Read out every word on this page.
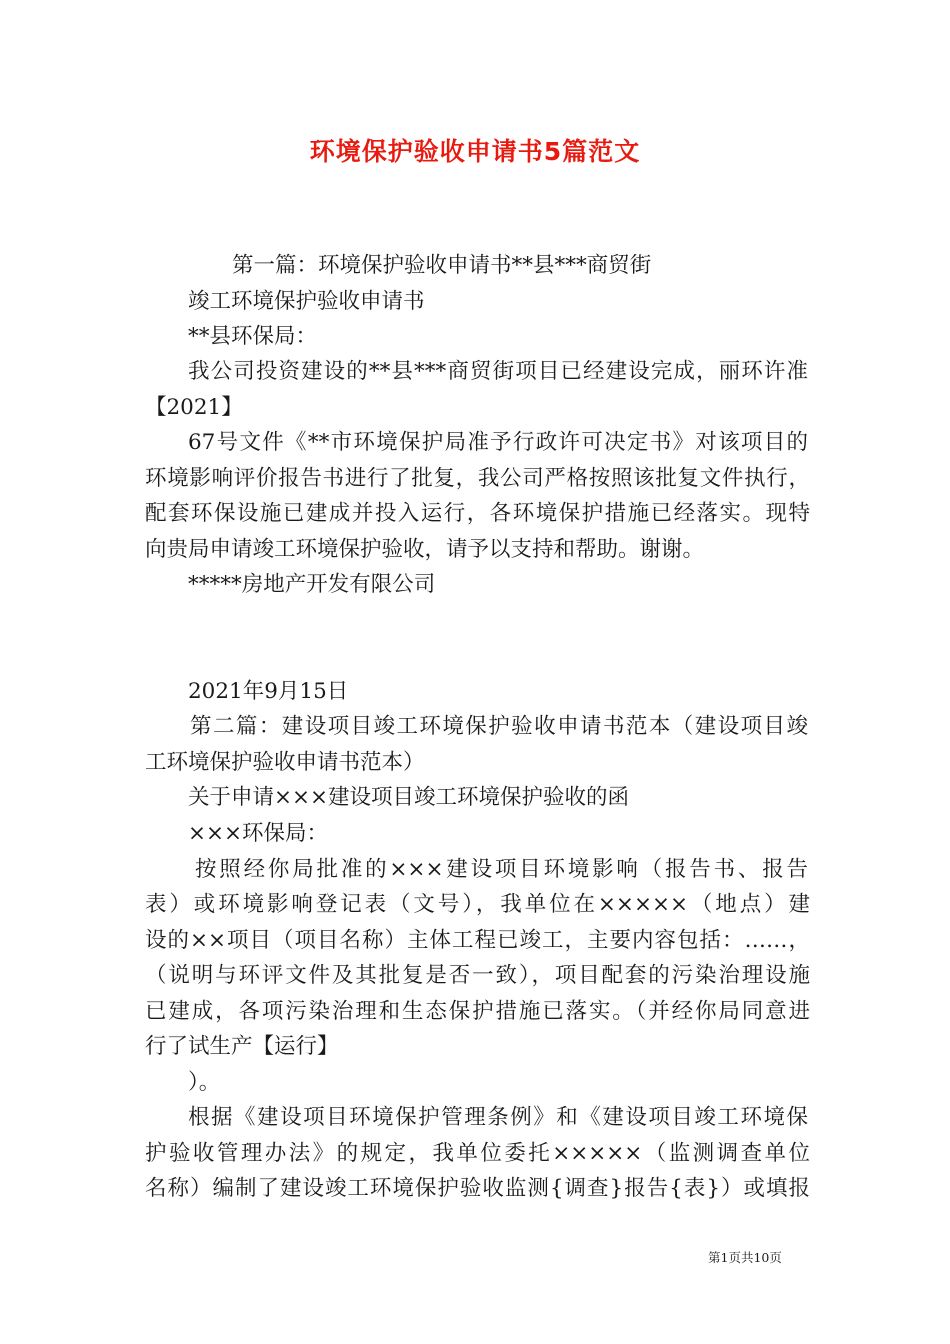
环境保护验收申请书5篇范文
第一篇：环境保护验收申请书**县***商贸街
竣工环境保护验收申请书
**县环保局：
我公司投资建设的**县***商贸街项目已经建设完成，丽环许准
【2021】
67号文件《**市环境保护局准予行政许可决定书》对该项目的
环境影响评价报告书进行了批复，我公司严格按照该批复文件执行，
配套环保设施已建成并投入运行，各环境保护措施已经落实。现特
向贵局申请竣工环境保护验收，请予以支持和帮助。谢谢。
*****房地产开发有限公司
2021年9月15日
第二篇：建设项目竣工环境保护验收申请书范本（建设项目竣
工环境保护验收申请书范本）
关于申请×××建设项目竣工环境保护验收的函
×××环保局：
按照经你局批准的×××建设项目环境影响（报告书、报告
表）或环境影响登记表（文号），我单位在×××××（地点）建
设的××项目（项目名称）主体工程已竣工，主要内容包括：……，
（说明与环评文件及其批复是否一致），项目配套的污染治理设施
已建成，各项污染治理和生态保护措施已落实。（并经你局同意进
行了试生产【运行】
）。
根据《建设项目环境保护管理条例》和《建设项目竣工环境保
护验收管理办法》的规定，我单位委托×××××（监测调查单位
名称）编制了建设竣工环境保护验收监测{调查}报告{表}）或填报
第1页共10页
